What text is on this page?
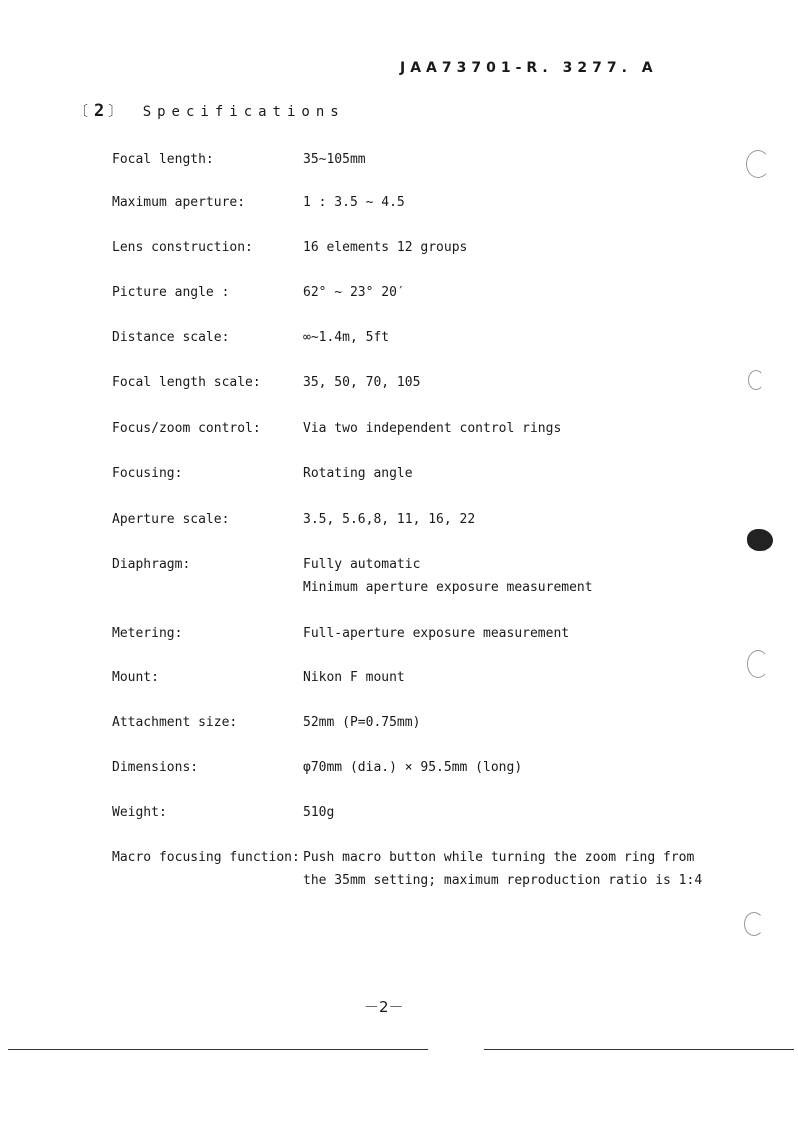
JAA73701-R. 3277. A
〔2〕 Specifications
Focal length:	35~105mm
Maximum aperture:	1 : 3.5 ~ 4.5
Lens construction:	16 elements 12 groups
Picture angle :	62° ~ 23° 20′
Distance scale:	∞~1.4m, 5ft
Focal length scale:	35, 50, 70, 105
Focus/zoom control:	Via two independent control rings
Focusing:	Rotating angle
Aperture scale:	3.5, 5.6,8, 11, 16, 22
Diaphragm:	Fully automatic
Minimum aperture exposure measurement
Metering:	Full-aperture exposure measurement
Mount:	Nikon F mount
Attachment size:	52mm (P=0.75mm)
Dimensions:	φ70mm (dia.) × 95.5mm (long)
Weight:	510g
Macro focusing function: Push macro button while turning the zoom ring from
the 35mm setting; maximum reproduction ratio is 1:4
－2－
